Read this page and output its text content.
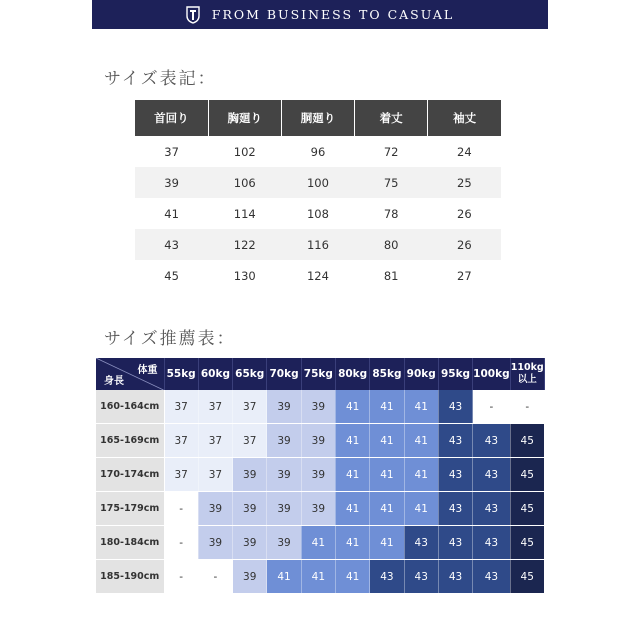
FROM BUSINESS TO CASUAL
サイズ表記：
首回り	胸廻り	胴廻り	着丈	袖丈
37	102	96	72	24
39	106	100	75	25
41	114	108	78	26
43	122	116	80	26
45	130	124	81	27
サイズ推薦表：
体重
身長	55kg	60kg	65kg	70kg	75kg	80kg	85kg	90kg	95kg	100kg	110kg以上
160-164cm	37	37	37	39	39	41	41	41	43	-	-
165-169cm	37	37	37	39	39	41	41	41	43	43	45
170-174cm	37	37	39	39	39	41	41	41	43	43	45
175-179cm	-	39	39	39	39	41	41	41	43	43	45
180-184cm	-	39	39	39	41	41	41	43	43	43	45
185-190cm	-	-	39	41	41	41	43	43	43	43	45
